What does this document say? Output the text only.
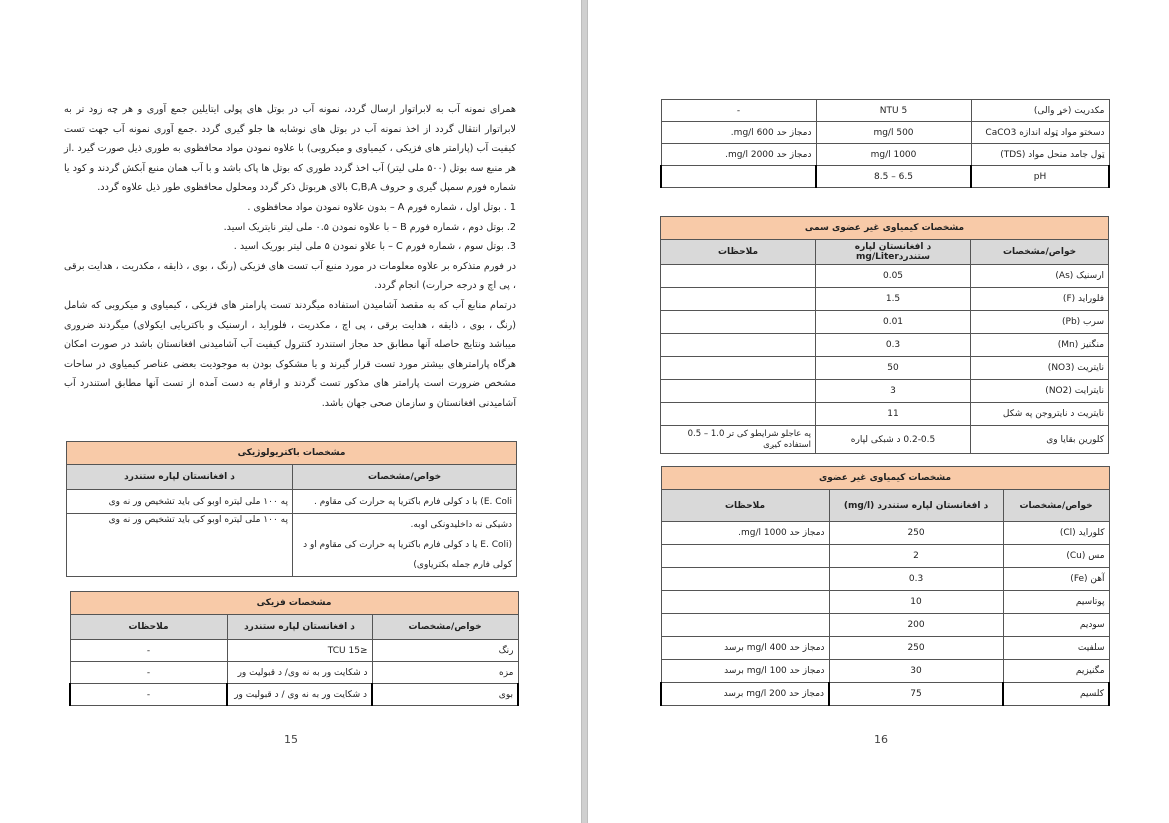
همرای نمونه آب به لابراتوار ارسال گردد، نمونه آب در بوتل های پولی ایتایلین جمع آوری و هر چه زود تر به لابراتوار انتقال گردد از اخذ نمونه آب در بوتل های نوشابه ها جلو گیری گردد .جمع آوری نمونه آب جهت تست کیفیت آب (پارامتر های فزیکی ، کیمیاوی و میکروبی) با علاوه نمودن مواد محافظوی به طوری ذیل صورت گیرد .از هر منبع سه بوتل (۵۰۰ ملی لیتر) آب اخذ گردد طوری که بوتل ها پاک باشد و با آب همان منبع آبکش گردند و کود یا شماره فورم سمپل گیری و حروف C,B,A بالای هربوتل ذکر گردد ومحلول محافظوی طور ذیل علاوه گردد.

1 . بوتل اول ، شماره فورم A – بدون علاوه نمودن مواد محافظوی .

2. بوتل دوم ، شماره فورم B – با علاوه نمودن ۰.۵ ملی لیتر نایتریک اسید.

3. بوتل سوم ، شماره فورم C – با علاو نمودن ۵ ملی لیتر بوریک اسید .

در فورم متذکره بر علاوه معلومات در مورد منبع آب تست های فزیکی (رنگ ، بوی ، ذایقه ، مکدریت ، هدایت برقی ، پی اچ و درجه حرارت) انجام گردد.

درتمام منابع آب که به مقصد آشامیدن استفاده میگردند تست پارامتر های فزیکی ، کیمیاوی و میکروبی که شامل (رنگ ، بوی ، ذایقه ، هدایت برقی ، پی اچ ، مکدریت ، فلوراید ، ارسنیک و باکتریایی ایکولای) میگردند ضروری میباشد ونتایج حاصله آنها مطابق حد مجاز استندرد کنترول کیفیت آب آشامیدنی افغانستان باشد در صورت امکان هرگاه پارامترهای بیشتر مورد تست قرار گیرند و یا مشکوک بودن به موجودیت بعضی عناصر کیمیاوی در ساحات مشخص ضرورت است پارامتر های مذکور تست گردند و ارقام به دست آمده از تست آنها مطابق استندرد آب آشامیدنی افغانستان و سازمان صحی جهان باشد.

مشخصات باکتریولوژیکی	
خواص/مشخصات	د افغانستان لپاره ستندرد
E. Coli) با د کولی فارم باکتریا په حرارت کی مقاوم .	په ۱۰۰ ملی لیتره اوبو کی باید تشخیص ور نه وی

دشیکی نه داخلیدونکی اوبه.
(E. Coli یا د کولی فارم باکتریا په حرارت کی مقاوم او د کولی فارم جمله بکتریاوی)	په ۱۰۰ ملی لیتره اوبو کی باید تشخیص ور نه وی
مشخصات فزیکی		
خواص/مشخصات	د افغانستان لپاره ستندرد	ملاحظات
رنگ	≤15 TCU	-
مزه	د شکایت ور به نه وی/ د قبولیت ور	-
بوی	د شکایت ور به نه وی / د قبولیت ور	-
15
مکدریت (خړ والی)	5 NTU	-
دسختو مواد ټوله اندازه CaCO3	500 mg/l	دمجاز حد 600 mg/l.
ټول جامد منحل مواد (TDS)	1000 mg/l	دمجاز حد 2000 mg/l.
pH	6.5 – 8.5	
مشخصات کیمیاوی غیر عضوی سمی		
خواص/مشخصات	د افغانستان لپاره ستندردmg/Liter	ملاحظات
ارسنیک (As)	0.05	
فلوراید (F)	1.5	
سرب (Pb)	0.01	
منگنیز (Mn)	0.3	
نایتریت (NO3)	50	
نایترایت (NO2)	3	
نایتریت د نایتروجن په شکل	11	
کلورین بقایا وی	0.2-0.5 د شبکی لپاره	په عاجلو شرایطو کی تر 1.0 – 0.5 استفاده کیږی
مشخصات کیمیاوی غیر عضوی		
خواص/مشخصات	د افغانستان لپاره ستندرد (mg/l)	ملاحظات
کلوراید (Cl)	250	دمجاز حد 1000 mg/l.
مس (Cu)	2	
آهن (Fe)	0.3	
پوتاسیم	10	
سودیم	200	
سلفیت	250	دمجاز حد 400 mg/l برسد
مگنیزیم	30	دمجاز حد 100 mg/l برسد
کلسیم	75	دمجاز حد 200 mg/l برسد
16
